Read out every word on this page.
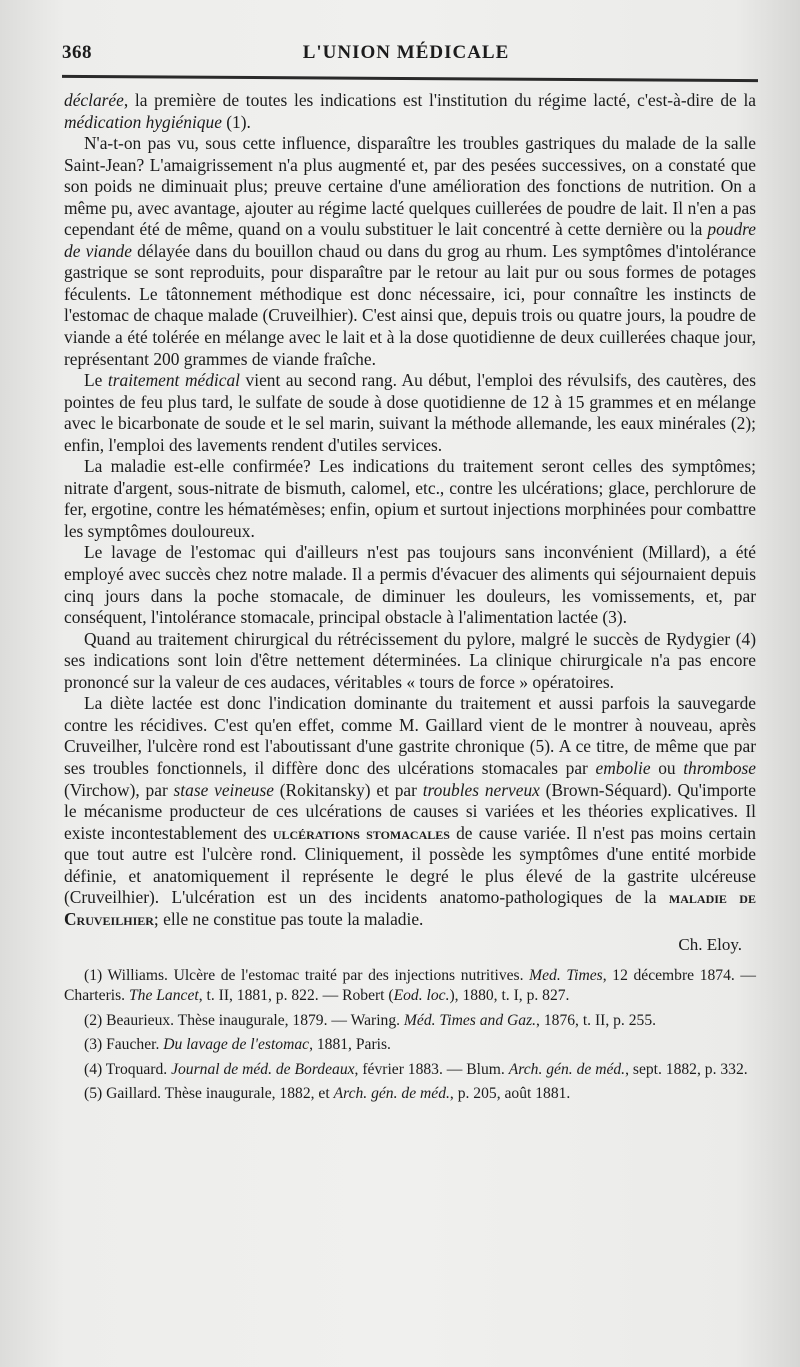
368	L'UNION MÉDICALE

déclarée, la première de toutes les indications est l'institution du régime lacté, c'est-à-dire de la médication hygiénique (1).

N'a-t-on pas vu, sous cette influence, disparaître les troubles gastriques du malade de la salle Saint-Jean? L'amaigrissement n'a plus augmenté et, par des pesées successives, on a constaté que son poids ne diminuait plus; preuve certaine d'une amélioration des fonctions de nutrition. On a même pu, avec avantage, ajouter au régime lacté quelques cuillerées de poudre de lait. Il n'en a pas cependant été de même, quand on a voulu substituer le lait concentré à cette dernière ou la poudre de viande délayée dans du bouillon chaud ou dans du grog au rhum. Les symptômes d'intolérance gastrique se sont reproduits, pour disparaître par le retour au lait pur ou sous formes de potages féculents. Le tâtonnement méthodique est donc nécessaire, ici, pour connaître les instincts de l'estomac de chaque malade (Cruveilhier). C'est ainsi que, depuis trois ou quatre jours, la poudre de viande a été tolérée en mélange avec le lait et à la dose quotidienne de deux cuillerées chaque jour, représentant 200 grammes de viande fraîche.

Le traitement médical vient au second rang. Au début, l'emploi des révulsifs, des cautères, des pointes de feu plus tard, le sulfate de soude à dose quotidienne de 12 à 15 grammes et en mélange avec le bicarbonate de soude et le sel marin, suivant la méthode allemande, les eaux minérales (2); enfin, l'emploi des lavements rendent d'utiles services.

La maladie est-elle confirmée? Les indications du traitement seront celles des symptômes; nitrate d'argent, sous-nitrate de bismuth, calomel, etc., contre les ulcérations; glace, perchlorure de fer, ergotine, contre les hématémèses; enfin, opium et surtout injections morphinées pour combattre les symptômes douloureux.

Le lavage de l'estomac qui d'ailleurs n'est pas toujours sans inconvénient (Millard), a été employé avec succès chez notre malade. Il a permis d'évacuer des aliments qui séjournaient depuis cinq jours dans la poche stomacale, de diminuer les douleurs, les vomissements, et, par conséquent, l'intolérance stomacale, principal obstacle à l'alimentation lactée (3).

Quand au traitement chirurgical du rétrécissement du pylore, malgré le succès de Rydygier (4) ses indications sont loin d'être nettement déterminées. La clinique chirurgicale n'a pas encore prononcé sur la valeur de ces audaces, véritables « tours de force » opératoires.

La diète lactée est donc l'indication dominante du traitement et aussi parfois la sauvegarde contre les récidives. C'est qu'en effet, comme M. Gaillard vient de le montrer à nouveau, après Cruveilher, l'ulcère rond est l'aboutissant d'une gastrite chronique (5). A ce titre, de même que par ses troubles fonctionnels, il diffère donc des ulcérations stomacales par embolie ou thrombose (Virchow), par stase veineuse (Rokitansky) et par troubles nerveux (Brown-Séquard). Qu'importe le mécanisme producteur de ces ulcérations de causes si variées et les théories explicatives. Il existe incontestablement des ulcérations stomacales de cause variée. Il n'est pas moins certain que tout autre est l'ulcère rond. Cliniquement, il possède les symptômes d'une entité morbide définie, et anatomiquement il représente le degré le plus élevé de la gastrite ulcéreuse (Cruveilhier). L'ulcération est un des incidents anatomo-pathologiques de la maladie de Cruveilhier; elle ne constitue pas toute la maladie.

Ch. Eloy.

(1) Williams. Ulcère de l'estomac traité par des injections nutritives. Med. Times, 12 décembre 1874. — Charteris. The Lancet, t. II, 1881, p. 822. — Robert (Eod. loc.), 1880, t. I, p. 827.

(2) Beaurieux. Thèse inaugurale, 1879. — Waring. Méd. Times and Gaz., 1876, t. II, p. 255.

(3) Faucher. Du lavage de l'estomac, 1881, Paris.

(4) Troquard. Journal de méd. de Bordeaux, février 1883. — Blum. Arch. gén. de méd., sept. 1882, p. 332.

(5) Gaillard. Thèse inaugurale, 1882, et Arch. gén. de méd., p. 205, août 1881.
